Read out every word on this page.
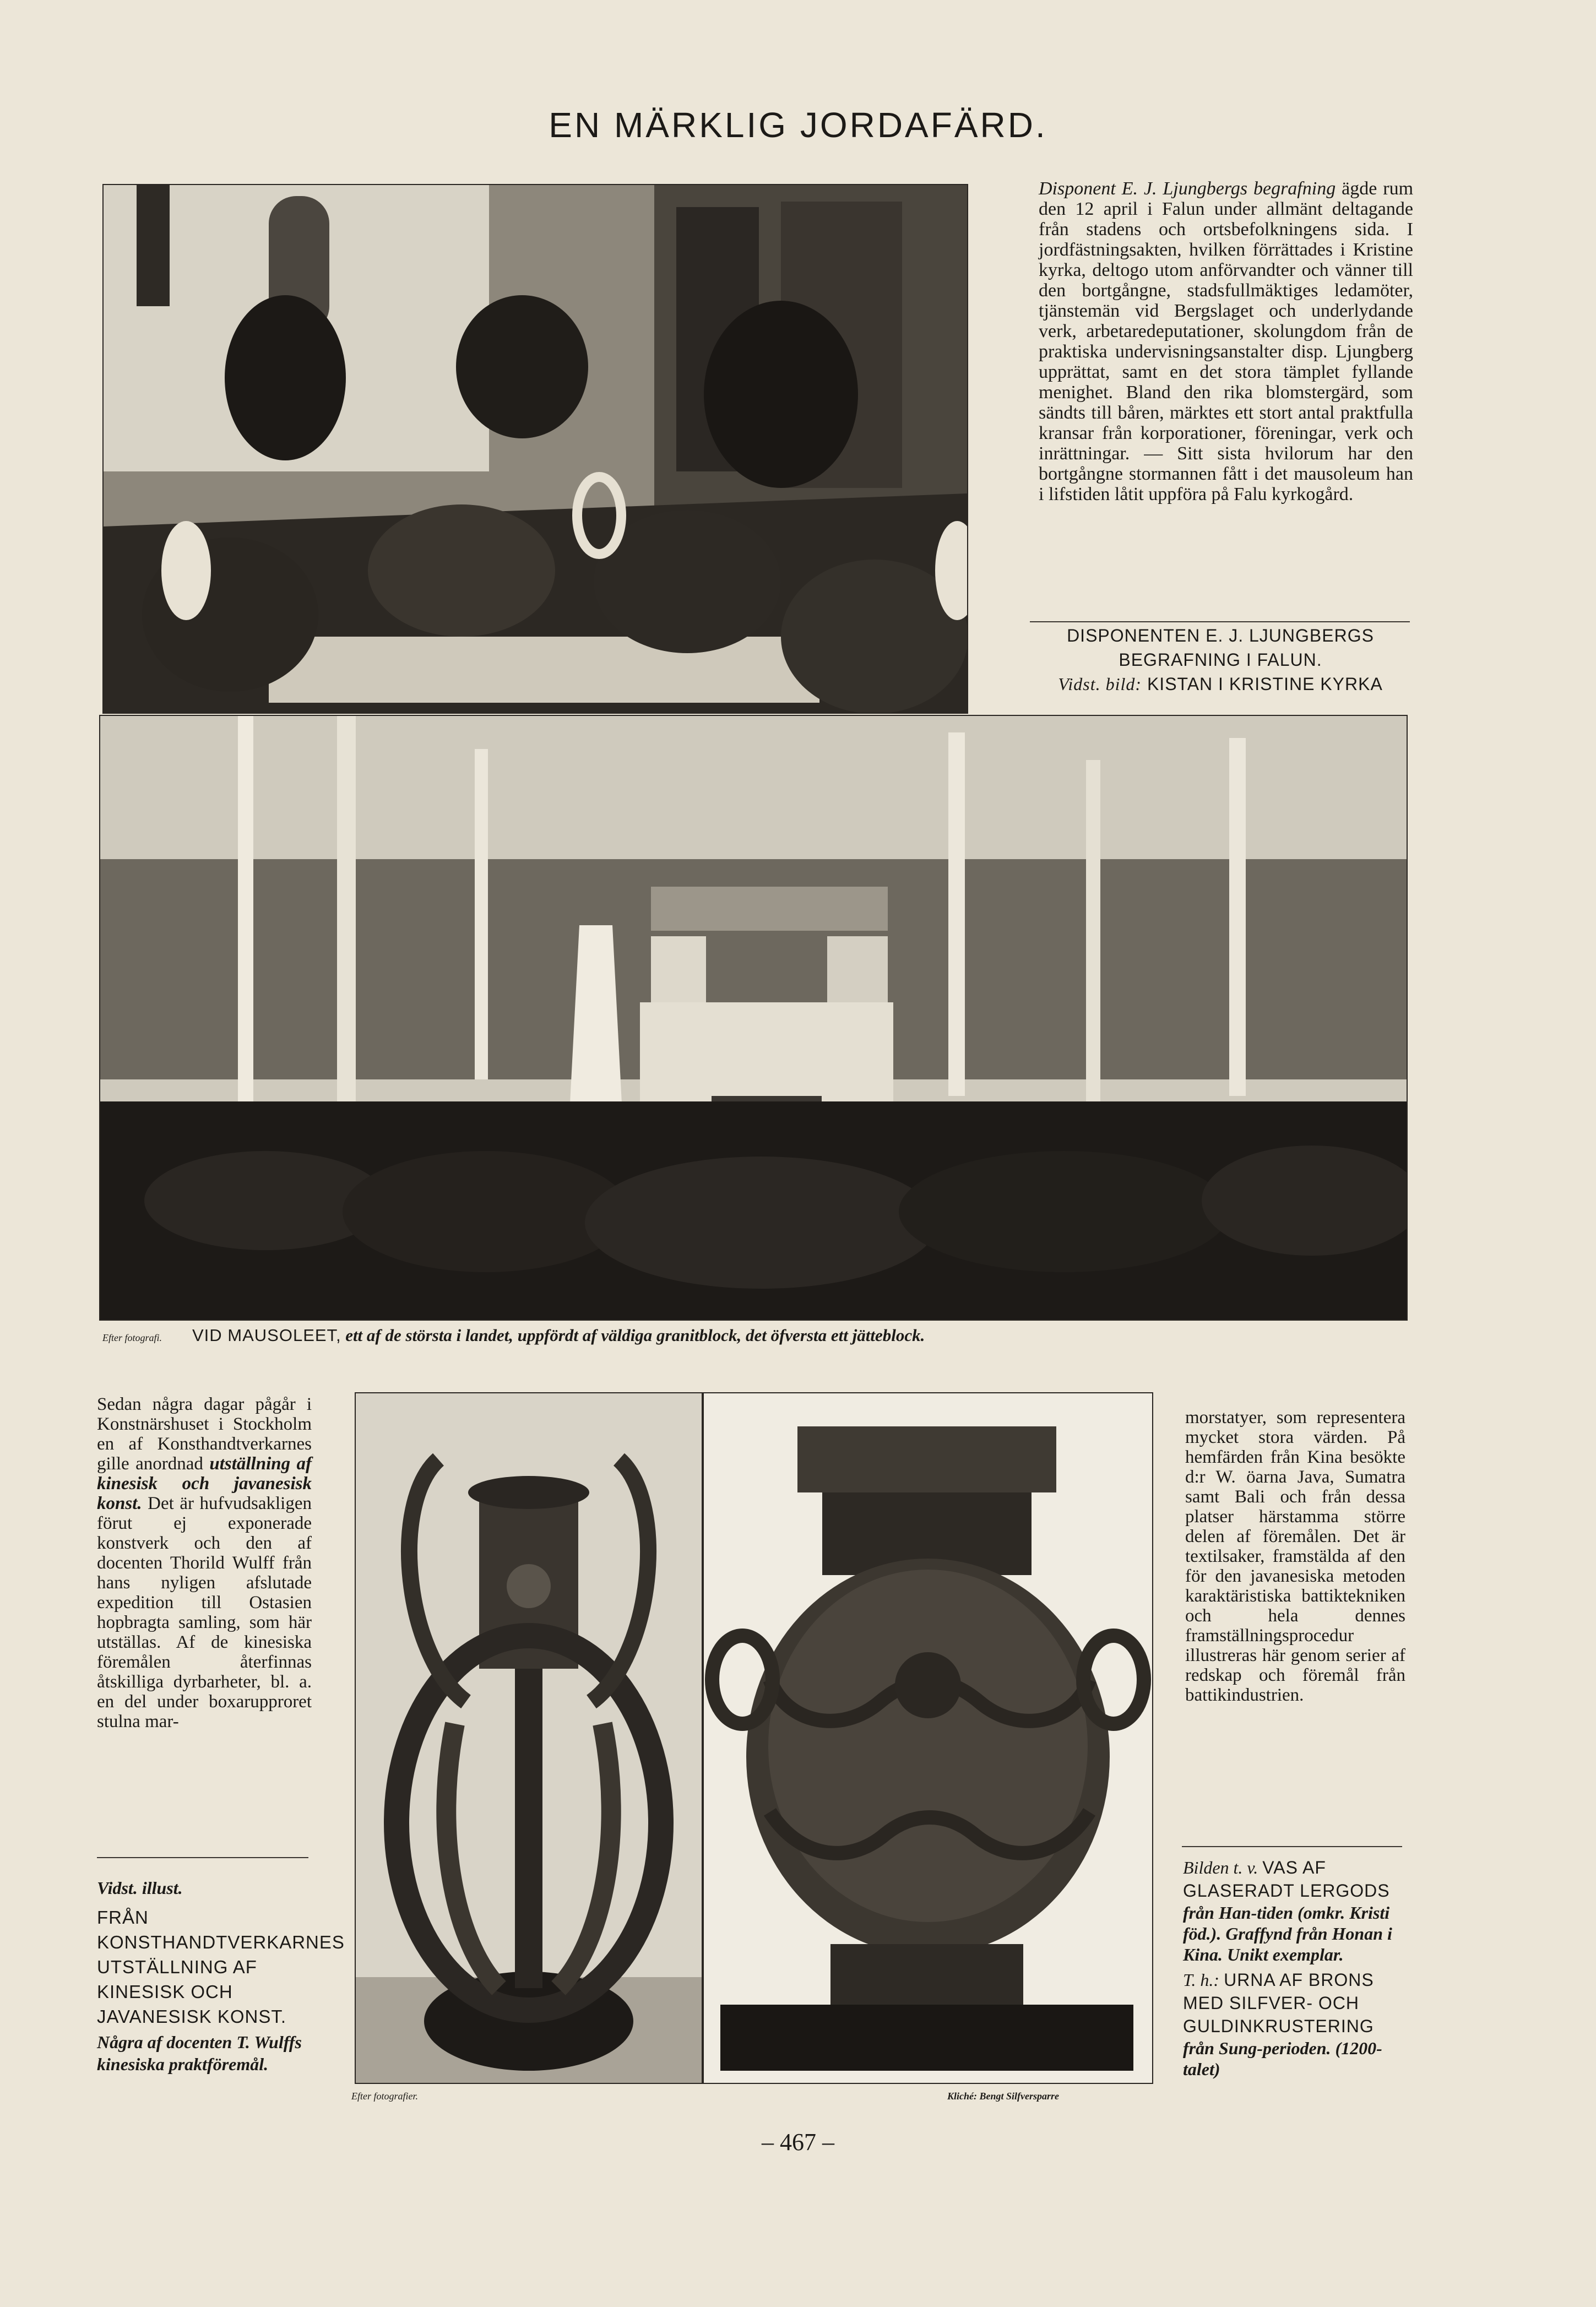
EN MÄRKLIG JORDAFÄRD.

Disponent E. J. Ljungbergs begrafning ägde rum den 12 april i Falun under allmänt deltagande från stadens och ortsbefolkningens sida. I jordfästningsakten, hvilken förrättades i Kristine kyrka, deltogo utom anförvandter och vänner till den bortgångne, stadsfullmäktiges ledamöter, tjänstemän vid Bergslaget och underlydande verk, arbetaredeputationer, skolungdom från de praktiska undervisningsanstalter disp. Ljungberg upprättat, samt en det stora tämplet fyllande menighet. Bland den rika blomstergärd, som sändts till båren, märktes ett stort antal praktfulla kransar från korporationer, föreningar, verk och inrättningar. — Sitt sista hvilorum har den bortgångne stormannen fått i det mausoleum han i lifstiden låtit uppföra på Falu kyrkogård.

DISPONENTEN E. J. LJUNGBERGS
BEGRAFNING I FALUN.
Vidst. bild: KISTAN I KRISTINE KYRKA
Efter fotografi. VID MAUSOLEET, ett af de största i landet, uppfördt af väldiga granitblock, det öfversta ett jätteblock.

Sedan några dagar pågår i Konstnärshuset i Stockholm en af Konsthandtverkarnes gille anordnad utställning af kinesisk och javanesisk konst. Det är hufvudsakligen förut ej exponerade konstverk och den af docenten Thorild Wulff från hans nyligen afslutade expedition till Ostasien hopbragta samling, som här utställas. Af de kinesiska föremålen återfinnas åtskilliga dyrbarheter, bl. a. en del under boxarupproret stulna mar-

Vidst. illust.
FRÅN KONSTHANDTVERKARNES UTSTÄLLNING AF KINESISK OCH JAVANESISK KONST.
Några af docenten T. Wulffs kinesiska praktföremål.
Efter fotografier.	Kliché: Bengt Silfversparre

morstatyer, som representera mycket stora värden. På hemfärden från Kina besökte d:r W. öarna Java, Sumatra samt Bali och från dessa platser härstamma större delen af föremålen. Det är textilsaker, framstälda af den för den javanesiska metoden karaktäristiska battiktekniken och hela dennes framställningsprocedur illustreras här genom serier af redskap och föremål från battikindustrien.

Bilden t. v. VAS AF GLASERADT LERGODS
från Han-tiden (omkr. Kristi föd.). Graffynd från Honan i Kina. Unikt exemplar.
T. h.: URNA AF BRONS MED SILFVER- OCH GULDINKRUSTERING
från Sung-perioden. (1200-talet)
– 467 –
